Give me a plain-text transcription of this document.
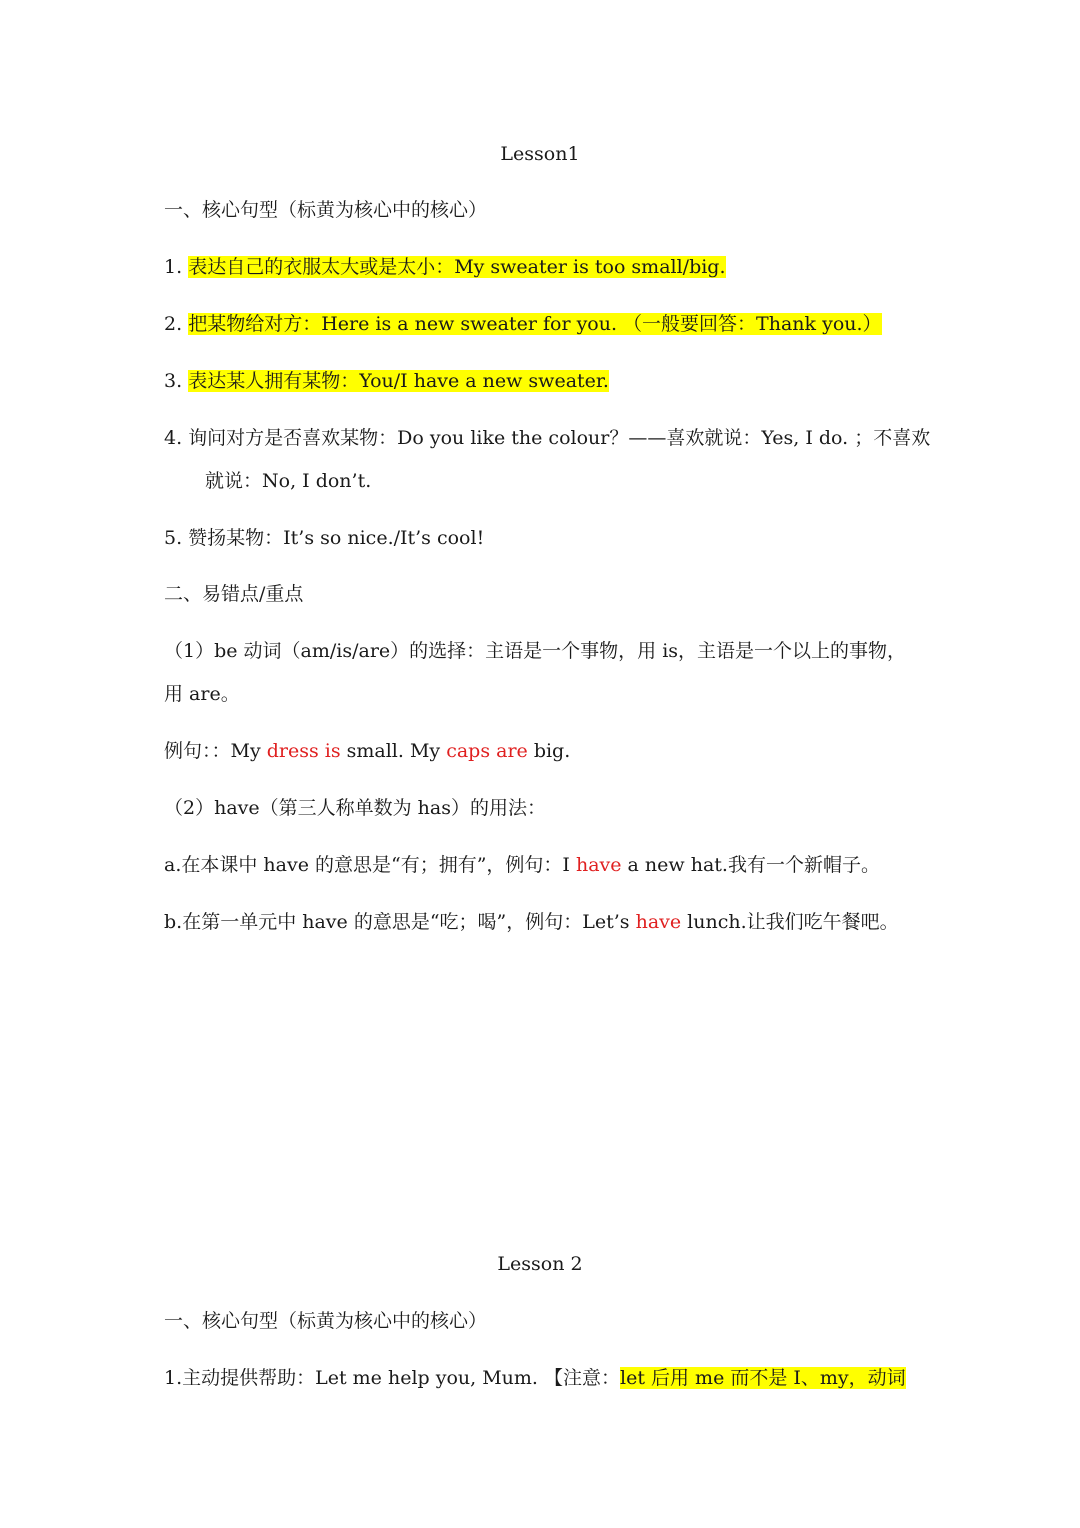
Lesson1
一、核心句型（标黄为核心中的核心）
1. 表达自己的衣服太大或是太小：My sweater is too small/big.
2. 把某物给对方：Here is a new sweater for you. （一般要回答：Thank you.）
3. 表达某人拥有某物：You/I have a new sweater.
4. 询问对方是否喜欢某物：Do you like the colour？——喜欢就说：Yes, I do. ；不喜欢
就说：No, I don’t.
5. 赞扬某物：It’s so nice./It’s cool!
二、易错点/重点
（1）be 动词（am/is/are）的选择：主语是一个事物，用 is，主语是一个以上的事物，
用 are。
例句：：My dress is small. My caps are big.
（2）have（第三人称单数为 has）的用法：
a.在本课中 have 的意思是“有；拥有”，例句：I have a new hat.我有一个新帽子。
b.在第一单元中 have 的意思是“吃；喝”，例句：Let’s have lunch.让我们吃午餐吧。
Lesson 2
一、核心句型（标黄为核心中的核心）
1.主动提供帮助：Let me help you, Mum. 【注意：let 后用 me 而不是 I、my，动词
